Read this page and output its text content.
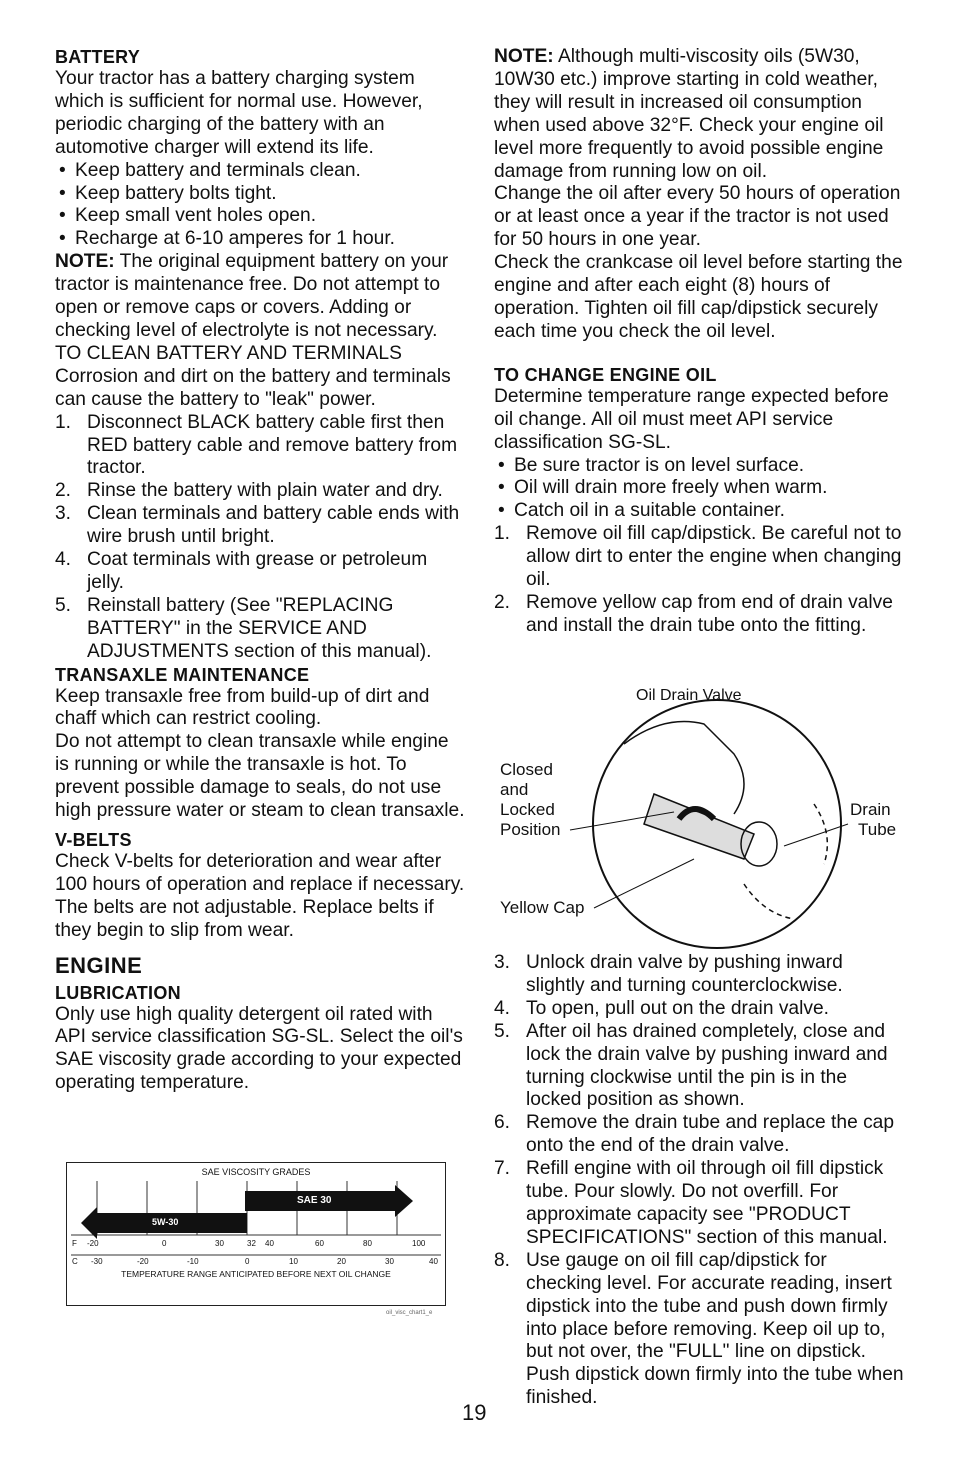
BATTERY

Your tractor has a battery charging system which is sufficient for normal use. However, periodic charging of the battery with an automotive charger will extend its life.

• Keep battery and terminals clean.
• Keep battery bolts tight.
• Keep small vent holes open.
• Recharge at 6-10 amperes for 1 hour.

NOTE: The original equipment battery on your tractor is maintenance free. Do not attempt to open or remove caps or covers. Adding or checking level of electrolyte is not necessary.

TO CLEAN BATTERY AND TERMINALS

Corrosion and dirt on the battery and terminals can cause the battery to "leak" power.

1. Disconnect BLACK battery cable first then RED battery cable and remove battery from tractor.
2. Rinse the battery with plain water and dry.
3. Clean terminals and battery cable ends with wire brush until bright.
4. Coat terminals with grease or petroleum jelly.
5. Reinstall battery (See "REPLACING BATTERY" in the SERVICE AND ADJUSTMENTS section of this manual).
TRANSAXLE MAINTENANCE

Keep transaxle free from build-up of dirt and chaff which can restrict cooling.

Do not attempt to clean transaxle while engine is running or while the transaxle is hot. To prevent possible damage to seals, do not use high pressure water or steam to clean transaxle.

V-BELTS

Check V-belts for deterioration and wear after 100 hours of operation and replace if necessary. The belts are not adjustable. Replace belts if they begin to slip from wear.

ENGINE
LUBRICATION

Only use high quality detergent oil rated with API service classification SG-SL. Select the oil's SAE viscosity grade according to your expected operating temperature.

SAE VISCOSITY GRADES
SAE 30
5W-30
F
C
-20	0	30	32 40	60	80	100
-30	-20	-10	0	10	20	30	40
TEMPERATURE RANGE ANTICIPATED BEFORE NEXT OIL CHANGE
oil_visc_chart1_e

NOTE: Although multi-viscosity oils (5W30, 10W30 etc.) improve starting in cold weather, they will result in increased oil consumption when used above 32°F. Check your engine oil level more frequently to avoid possible engine damage from running low on oil.

Change the oil after every 50 hours of operation or at least once a year if the tractor is not used for 50 hours in one year.

Check the crankcase oil level before starting the engine and after each eight (8) hours of operation. Tighten oil fill cap/dipstick securely each time you check the oil level.

TO CHANGE ENGINE OIL

Determine temperature range expected before oil change. All oil must meet API service classification SG-SL.

• Be sure tractor is on level surface.
• Oil will drain more freely when warm.
• Catch oil in a suitable container.
1. Remove oil fill cap/dipstick. Be careful not to allow dirt to enter the engine when changing oil.
2. Remove yellow cap from end of drain valve and install the drain tube onto the fitting.
Oil Drain Valve
Closed
and
Locked
Position
Drain
Tube
Yellow Cap
3. Unlock drain valve by pushing inward slightly and turning counterclockwise.
4. To open, pull out on the drain valve.
5. After oil has drained completely, close and lock the drain valve by pushing inward and turning clockwise until the pin is in the locked position as shown.
6. Remove the drain tube and replace the cap onto the end of the drain valve.
7. Refill engine with oil through oil fill dipstick tube. Pour slowly. Do not overfill. For approximate capacity see "PRODUCT SPECIFICATIONS" section of this manual.
8. Use gauge on oil fill cap/dipstick for checking level. For accurate reading, insert dipstick into the tube and push down firmly into place before removing. Keep oil up to, but not over, the "FULL" line on dipstick. Push dipstick down firmly into the tube when finished.
19
